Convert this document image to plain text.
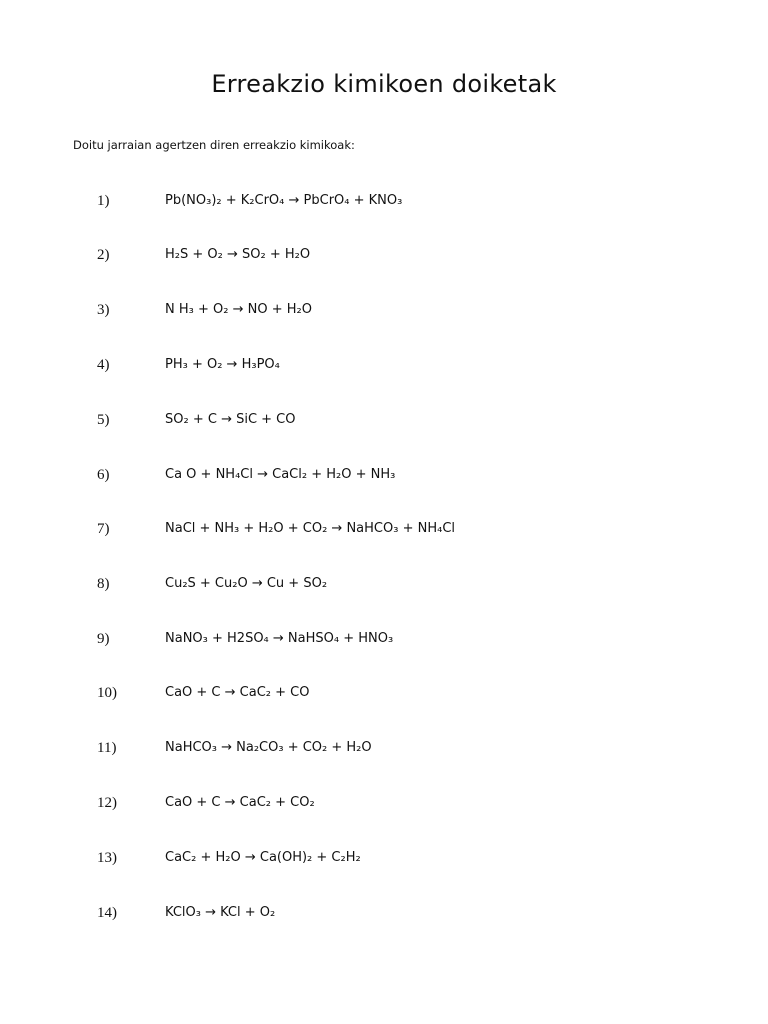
Erreakzio kimikoen doiketak
Doitu jarraian agertzen diren erreakzio kimikoak:
1)	Pb(NO₃)₂ + K₂CrO₄ → PbCrO₄ + KNO₃
2)	H₂S + O₂ → SO₂ + H₂O
3)	N H₃ + O₂ → NO + H₂O
4)	PH₃ + O₂ → H₃PO₄
5)	SO₂ + C → SiC + CO
6)	Ca O + NH₄Cl → CaCl₂ + H₂O + NH₃
7)	NaCl + NH₃ + H₂O + CO₂ → NaHCO₃ + NH₄Cl
8)	Cu₂S + Cu₂O → Cu + SO₂
9)	NaNO₃ + H2SO₄ → NaHSO₄ + HNO₃
10)	CaO + C → CaC₂ + CO
11)	NaHCO₃ → Na₂CO₃ + CO₂ + H₂O
12)	CaO + C → CaC₂ + CO₂
13)	CaC₂ + H₂O → Ca(OH)₂ + C₂H₂
14)	KClO₃ → KCl + O₂
